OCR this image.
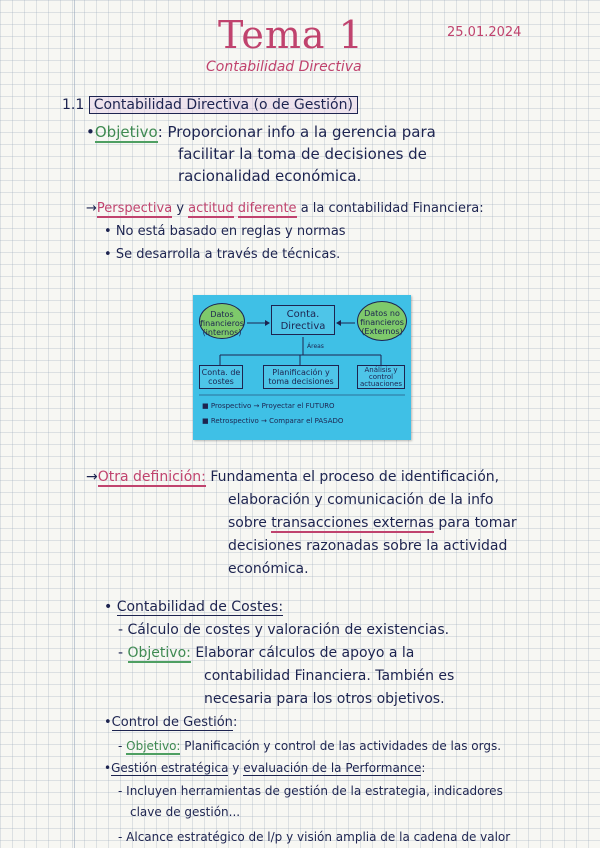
Tema 1	25.01.2024
Contabilidad Directiva
1.1 Contabilidad Directiva (o de Gestión)
•Objetivo: Proporcionar info a la gerencia para
facilitar la toma de decisiones de
racionalidad económica.
→Perspectiva y actitud diferente a la contabilidad Financiera:
• No está basado en reglas y normas
• Se desarrolla a través de técnicas.
Datos financieros (internos)
Conta. Directiva
Datos no financieros (Externos)
Áreas
Conta. de costes
Planificación y toma decisiones
Análisis y control actuaciones
■ Prospectivo → Proyectar el FUTURO
■ Retrospectivo → Comparar el PASADO
→Otra definición: Fundamenta el proceso de identificación,
elaboración y comunicación de la info
sobre transacciones externas para tomar
decisiones razonadas sobre la actividad
económica.
• Contabilidad de Costes:
- Cálculo de costes y valoración de existencias.
- Objetivo: Elaborar cálculos de apoyo a la
contabilidad Financiera. También es
necesaria para los otros objetivos.
•Control de Gestión:
- Objetivo: Planificación y control de las actividades de las orgs.
•Gestión estratégica y evaluación de la Performance:
- Incluyen herramientas de gestión de la estrategia, indicadores
clave de gestión...
- Alcance estratégico de l/p y visión amplia de la cadena de valor
